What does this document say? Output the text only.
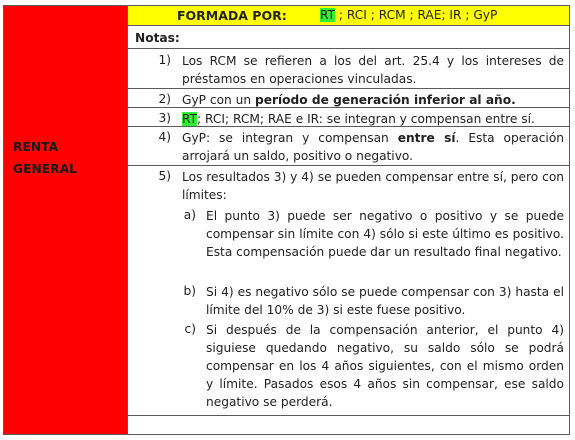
RENTA
GENERAL
FORMADA POR:	RT ; RCI ; RCM ; RAE; IR ; GyP
Notas:
1) Los RCM se refieren a los del art. 25.4 y los intereses de préstamos en operaciones vinculadas.
2) GyP con un período de generación inferior al año.
3) RT; RCI; RCM; RAE e IR: se integran y compensan entre sí.
4) GyP: se integran y compensan entre sí. Esta operación arrojará un saldo, positivo o negativo.
5) Los resultados 3) y 4) se pueden compensar entre sí, pero con límites:
a) El punto 3) puede ser negativo o positivo y se puede compensar sin límite con 4) sólo si este último es positivo. Esta compensación puede dar un resultado final negativo.
b) Si 4) es negativo sólo se puede compensar con 3) hasta el límite del 10% de 3) si este fuese positivo.
c) Si después de la compensación anterior, el punto 4) siguiese quedando negativo, su saldo sólo se podrá compensar en los 4 años siguientes, con el mismo orden y límite. Pasados esos 4 años sin compensar, ese saldo negativo se perderá.
